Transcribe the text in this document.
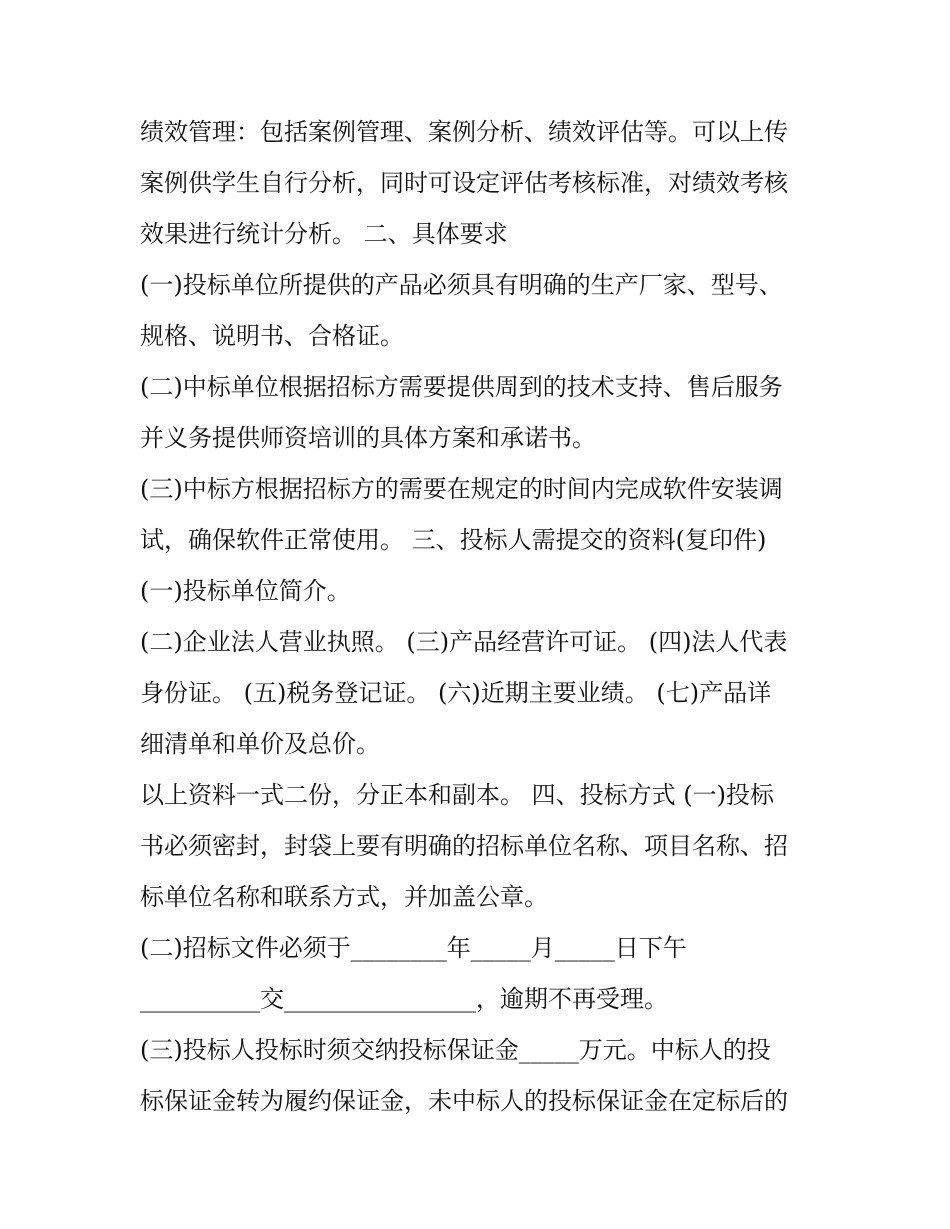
绩效管理：包括案例管理、案例分析、绩效评估等。可以上传
案例供学生自行分析，同时可设定评估考核标准，对绩效考核
效果进行统计分析。 二、具体要求
(一)投标单位所提供的产品必须具有明确的生产厂家、型号、
规格、说明书、合格证。
(二)中标单位根据招标方需要提供周到的技术支持、售后服务
并义务提供师资培训的具体方案和承诺书。
(三)中标方根据招标方的需要在规定的时间内完成软件安装调
试，确保软件正常使用。 三、投标人需提交的资料(复印件)
(一)投标单位简介。
(二)企业法人营业执照。 (三)产品经营许可证。 (四)法人代表
身份证。 (五)税务登记证。 (六)近期主要业绩。 (七)产品详
细清单和单价及总价。
以上资料一式二份，分正本和副本。 四、投标方式 (一)投标
书必须密封，封袋上要有明确的招标单位名称、项目名称、招
标单位名称和联系方式，并加盖公章。
(二)招标文件必须于________年_____月_____日下午
__________交________________，逾期不再受理。
(三)投标人投标时须交纳投标保证金_____万元。中标人的投
标保证金转为履约保证金，未中标人的投标保证金在定标后的
